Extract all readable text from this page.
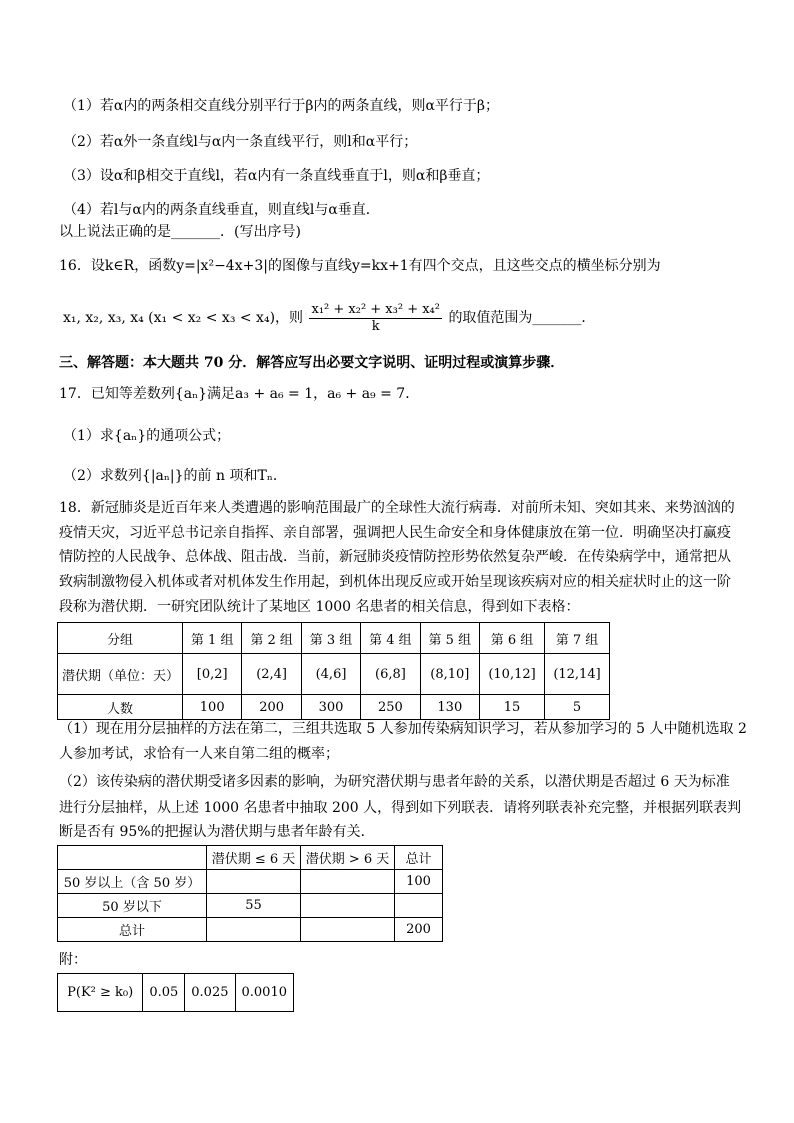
（1）若α内的两条相交直线分别平行于β内的两条直线，则α平行于β；
（2）若α外一条直线l与α内一条直线平行，则l和α平行；
（3）设α和β相交于直线l，若α内有一条直线垂直于l，则α和β垂直；
（4）若l与α内的两条直线垂直，则直线l与α垂直．
以上说法正确的是_______．(写出序号)
16．设k∈R，函数y=|x²−4x+3|的图像与直线y=kx+1有四个交点，且这些交点的横坐标分别为
x₁, x₂, x₃, x₄ (x₁ < x₂ < x₃ < x₄)，则 $\frac{\text{x₁² + x₂² + x₃² + x₄²}}{k}$ 的取值范围为_______．
三、解答题：本大题共 70 分．解答应写出必要文字说明、证明过程或演算步骤．
17．已知等差数列{aₙ}满足a₃ + a₆ = 1，a₆ + a₉ = 7．
（1）求{aₙ}的通项公式；
（2）求数列{|aₙ|}的前 n 项和Tₙ．
18．新冠肺炎是近百年来人类遭遇的影响范围最广的全球性大流行病毒．对前所未知、突如其来、来势汹汹的
疫情天灾，习近平总书记亲自指挥、亲自部署，强调把人民生命安全和身体健康放在第一位．明确坚决打赢疫
情防控的人民战争、总体战、阻击战．当前，新冠肺炎疫情防控形势依然复杂严峻．在传染病学中，通常把从
致病制激物侵入机体或者对机体发生作用起，到机体出现反应或开始呈现该疾病对应的相关症状时止的这一阶
段称为潜伏期．一研究团队统计了某地区 1000 名患者的相关信息，得到如下表格：
分组	第 1 组	第 2 组	第 3 组	第 4 组	第 5 组	第 6 组	第 7 组
潜伏期（单位：天）	[0,2]	(2,4]	(4,6]	(6,8]	(8,10]	(10,12]	(12,14]
人数	100	200	300	250	130	15	5
（1）现在用分层抽样的方法在第二，三组共选取 5 人参加传染病知识学习，若从参加学习的 5 人中随机选取 2
人参加考试，求恰有一人来自第二组的概率；
（2）该传染病的潜伏期受诸多因素的影响，为研究潜伏期与患者年龄的关系，以潜伏期是否超过 6 天为标准
进行分层抽样，从上述 1000 名患者中抽取 200 人，得到如下列联表．请将列联表补充完整，并根据列联表判
断是否有 95%的把握认为潜伏期与患者年龄有关．
	潜伏期 ≤ 6 天	潜伏期 > 6 天	总计
50 岁以上（含 50 岁）			100
50 岁以下	55		
总计			200
附：
P(K² ≥ k₀)	0.05	0.025	0.0010
